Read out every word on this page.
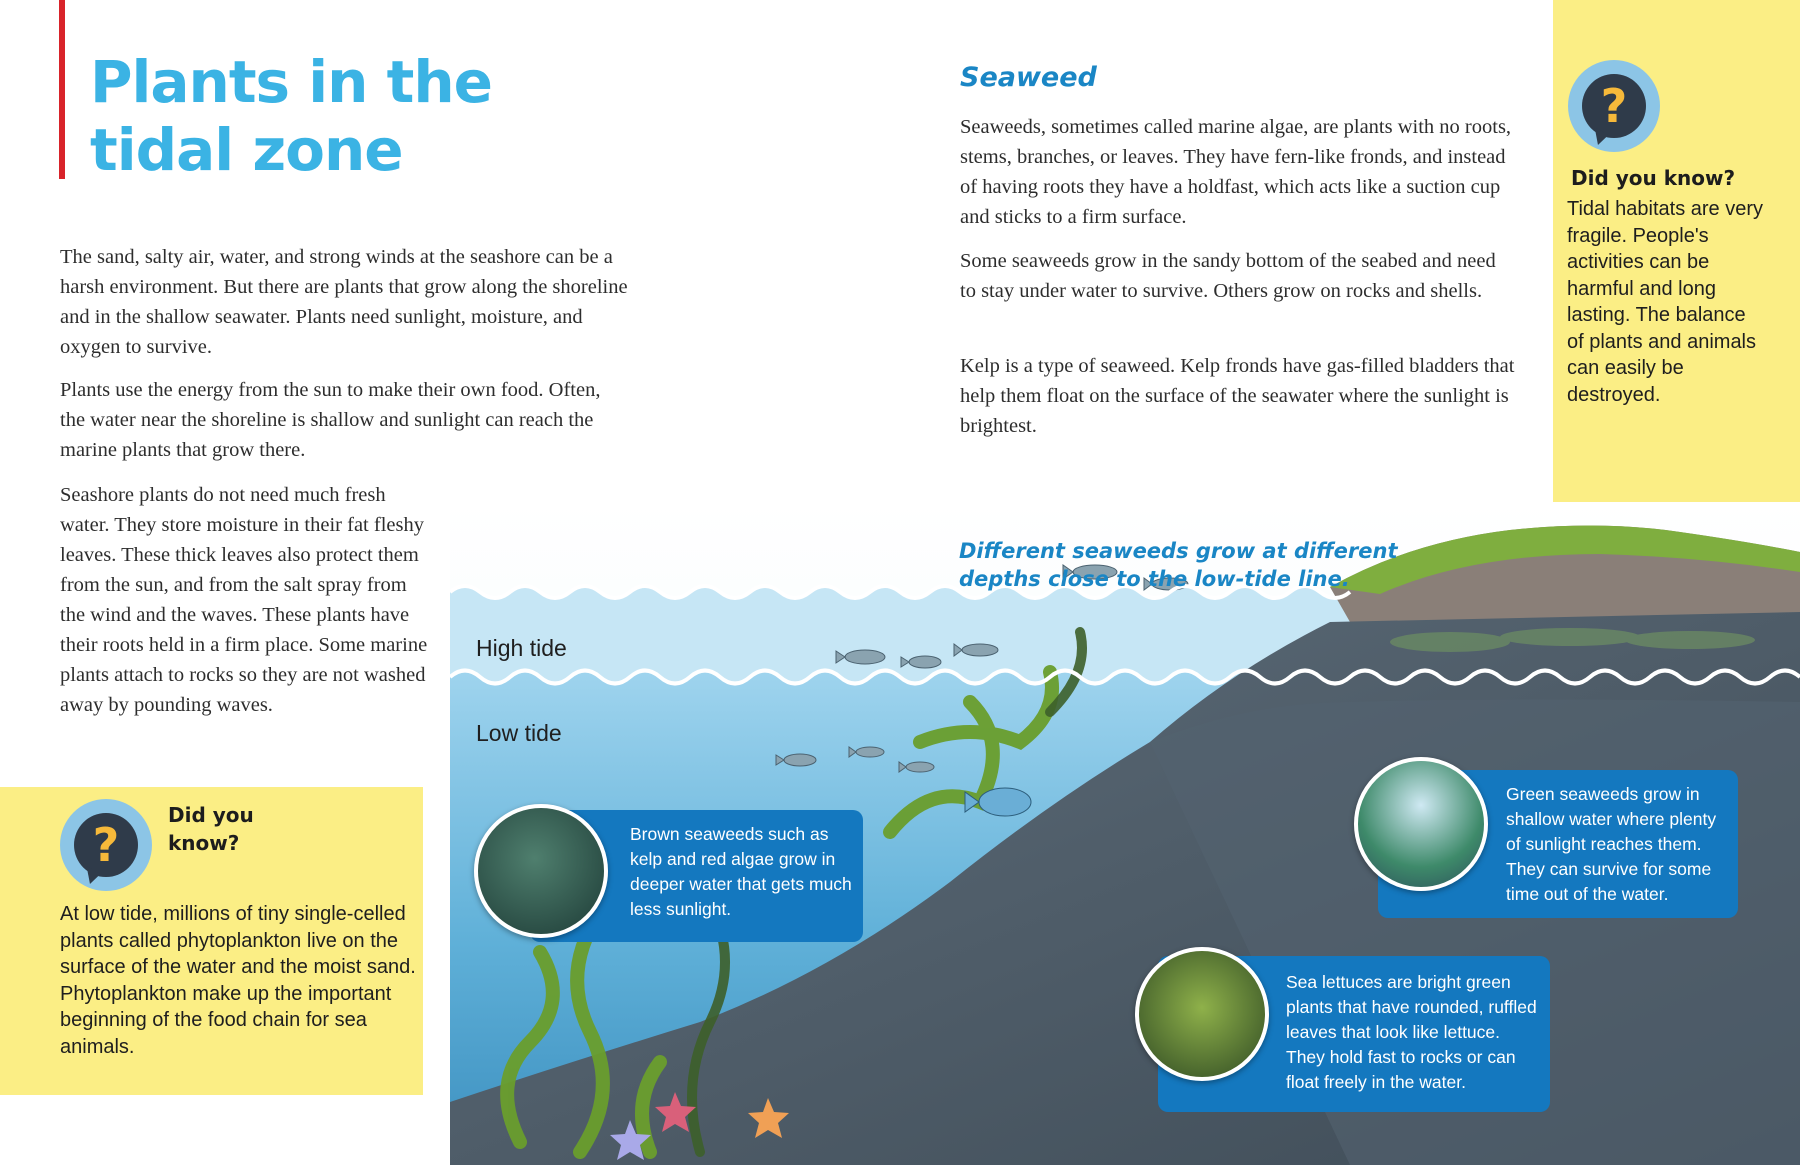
Plants in the tidal zone

The sand, salty air, water, and strong winds at the seashore can be a harsh environment. But there are plants that grow along the shoreline and in the shallow seawater. Plants need sunlight, moisture, and oxygen to survive.

Plants use the energy from the sun to make their own food. Often, the water near the shoreline is shallow and sunlight can reach the marine plants that grow there.

Seashore plants do not need much fresh water. They store moisture in their fat fleshy leaves. These thick leaves also protect them from the sun, and from the salt spray from the wind and the waves. These plants have their roots held in a firm place. Some marine plants attach to rocks so they are not washed away by pounding waves.

Seaweed

Seaweeds, sometimes called marine algae, are plants with no roots, stems, branches, or leaves. They have fern-like fronds, and instead of having roots they have a holdfast, which acts like a suction cup and sticks to a firm surface.

Some seaweeds grow in the sandy bottom of the seabed and need to stay under water to survive. Others grow on rocks and shells.

Kelp is a type of seaweed. Kelp fronds have gas-filled bladders that help them float on the surface of the seawater where the sunlight is brightest.

?
Did you know?

Tidal habitats are very fragile. People's activities can be harmful and long lasting. The balance of plants and animals can easily be destroyed.

?
Did you know?

At low tide, millions of tiny single-celled plants called phytoplankton live on the surface of the water and the moist sand. Phytoplankton make up the important beginning of the food chain for sea animals.

Different seaweeds grow at different depths close to the low-tide line.
High tide
Low tide
Brown seaweeds such as kelp and red algae grow in deeper water that gets much less sunlight.
Green seaweeds grow in shallow water where plenty of sunlight reaches them. They can survive for some time out of the water.
Sea lettuces are bright green plants that have rounded, ruffled leaves that look like lettuce. They hold fast to rocks or can float freely in the water.
